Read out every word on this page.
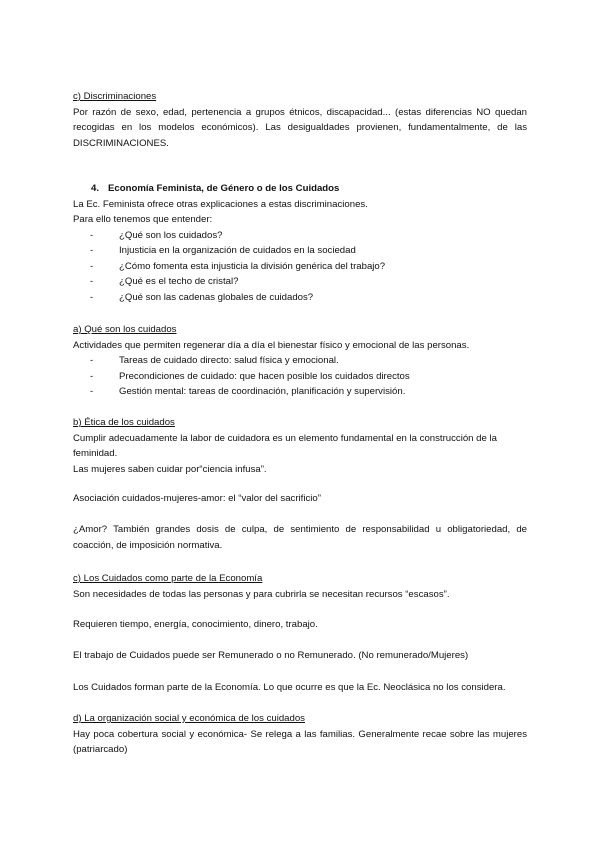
c) Discriminaciones

Por razón de sexo, edad, pertenencia a grupos étnicos, discapacidad... (estas diferencias NO quedan recogidas en los modelos económicos). Las desigualdades provienen, fundamentalmente, de las DISCRIMINACIONES.

4. Economía Feminista, de Género o de los Cuidados

La Ec. Feminista ofrece otras explicaciones a estas discriminaciones.

Para ello tenemos que entender:

-	¿Qué son los cuidados?

-	Injusticia en la organización de cuidados en la sociedad

-	¿Cómo fomenta esta injusticia la división genérica del trabajo?

-	¿Qué es el techo de cristal?

-	¿Qué son las cadenas globales de cuidados?

a) Qué son los cuidados

Actividades que permiten regenerar día a día el bienestar físico y emocional de las personas.

-	Tareas de cuidado directo: salud física y emocional.

-	Precondiciones de cuidado: que hacen posible los cuidados directos

-	Gestión mental: tareas de coordinación, planificación y supervisión.

b) Ética de los cuidados

Cumplir adecuadamente la labor de cuidadora es un elemento fundamental en la construcción de la feminidad.

Las mujeres saben cuidar por“ciencia infusa”.

Asociación cuidados-mujeres-amor: el “valor del sacrificio”

¿Amor? También grandes dosis de culpa, de sentimiento de responsabilidad u obligatoriedad, de coacción, de imposición normativa.

c) Los Cuidados como parte de la Economía

Son necesidades de todas las personas y para cubrirla se necesitan recursos “escasos”.

Requieren tiempo, energía, conocimiento, dinero, trabajo.

El trabajo de Cuidados puede ser Remunerado o no Remunerado. (No remunerado/Mujeres)

Los Cuidados forman parte de la Economía. Lo que ocurre es que la Ec. Neoclásica no los considera.

d) La organización social y económica de los cuidados

Hay poca cobertura social y económica- Se relega a las familias. Generalmente recae sobre las mujeres (patriarcado)
